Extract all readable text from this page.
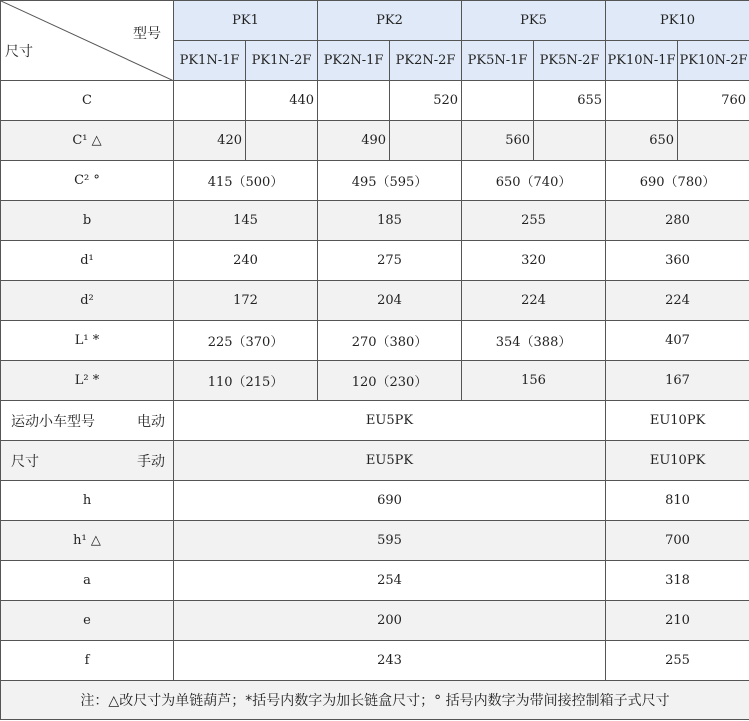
型号
尺寸	PK1		PK2		PK5		PK10	
	PK1N-1F	PK1N-2F	PK2N-1F	PK2N-2F	PK5N-1F	PK5N-2F	PK10N-1F	PK10N-2F
C		440		520		655		760
C¹ △	420		490		560		650	
C² °	415（500）		495（595）		650（740）		690（780）	
b	145		185		255		280	
d¹	240		275		320		360	
d²	172		204		224		224	
L¹ *	225（370）		270（380）		354（388）		407	
L² *	110（215）		120（230）		156		167	
运动小车型号 电动	EU5PK						EU10PK	
尺寸 手动	EU5PK						EU10PK	
h	690						810	
h¹ △	595						700	
a	254						318	
e	200						210	
f	243						255	
注：△改尺寸为单链葫芦；*括号内数字为加长链盒尺寸；° 括号内数字为带间接控制箱子式尺寸								
